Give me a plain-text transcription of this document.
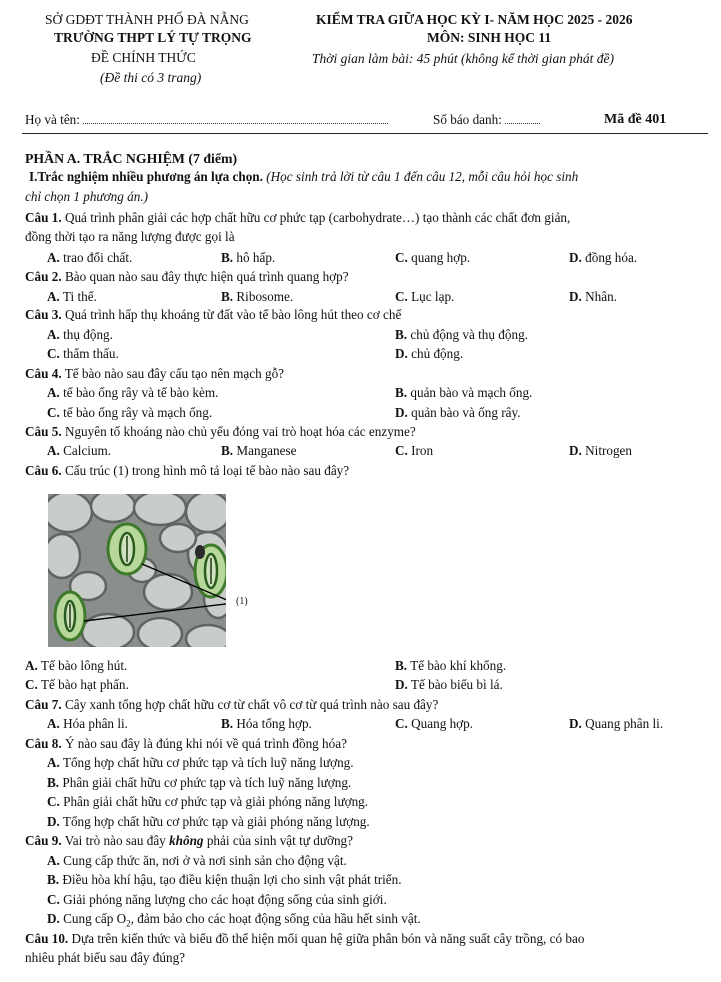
SỞ GDĐT THÀNH PHỐ ĐÀ NẴNG
TRƯỜNG THPT LÝ TỰ TRỌNG
ĐỀ CHÍNH THỨC
(Đề thi có 3 trang)
KIỂM TRA GIỮA HỌC KỲ I- NĂM HỌC 2025 - 2026
MÔN: SINH HỌC 11
Thời gian làm bài: 45 phút (không kể thời gian phát đề)
Họ và tên:	Số báo danh:	Mã đề 401
PHẦN A. TRẮC NGHIỆM (7 điểm)
I.Trắc nghiệm nhiều phương án lựa chọn. (Học sinh trả lời từ câu 1 đến câu 12, mỗi câu hỏi học sinh
chỉ chọn 1 phương án.)
Câu 1. Quá trình phân giải các hợp chất hữu cơ phức tạp (carbohydrate…) tạo thành các chất đơn giản,
đồng thời tạo ra năng lượng được gọi là
A. trao đổi chất.	B. hô hấp.	C. quang hợp.	D. đồng hóa.
Câu 2. Bào quan nào sau đây thực hiện quá trình quang hợp?
A. Ti thể.	B. Ribosome.	C. Lục lạp.	D. Nhân.
Câu 3. Quá trình hấp thụ khoáng từ đất vào tế bào lông hút theo cơ chế
A. thụ động.	B. chủ động và thụ động.
C. thẩm thấu.	D. chủ động.
Câu 4. Tế bào nào sau đây cấu tạo nên mạch gỗ?
A. tế bào ống rây và tế bào kèm.	B. quản bào và mạch ống.
C. tế bào ống rây và mạch ống.	D. quản bào và ống rây.
Câu 5. Nguyên tố khoáng nào chủ yếu đóng vai trò hoạt hóa các enzyme?
A. Calcium.	B. Manganese	C. Iron	D. Nitrogen
Câu 6. Cấu trúc (1) trong hình mô tả loại tế bào nào sau đây?
(1)
A. Tế bào lông hút.	B. Tế bào khí khổng.
C. Tế bào hạt phấn.	D. Tế bào biểu bì lá.
Câu 7. Cây xanh tổng hợp chất hữu cơ từ chất vô cơ từ quá trình nào sau đây?
A. Hóa phân li.	B. Hóa tổng hợp.	C. Quang hợp.	D. Quang phân li.
Câu 8. Ý nào sau đây là đúng khi nói về quá trình đồng hóa?
A. Tổng hợp chất hữu cơ phức tạp và tích luỹ năng lượng.
B. Phân giải chất hữu cơ phức tạp và tích luỹ năng lượng.
C. Phân giải chất hữu cơ phức tạp và giải phóng năng lượng.
D. Tổng hợp chất hữu cơ phức tạp và giải phóng năng lượng.
Câu 9. Vai trò nào sau đây không phải của sinh vật tự dưỡng?
A. Cung cấp thức ăn, nơi ở và nơi sinh sản cho động vật.
B. Điều hòa khí hậu, tạo điều kiện thuận lợi cho sinh vật phát triển.
C. Giải phóng năng lượng cho các hoạt động sống của sinh giới.
D. Cung cấp $O_2$, đảm bảo cho các hoạt động sống của hầu hết sinh vật.
Câu 10. Dựa trên kiến thức và biểu đồ thể hiện mối quan hệ giữa phân bón và năng suất cây trồng, có bao
nhiêu phát biểu sau đây đúng?
